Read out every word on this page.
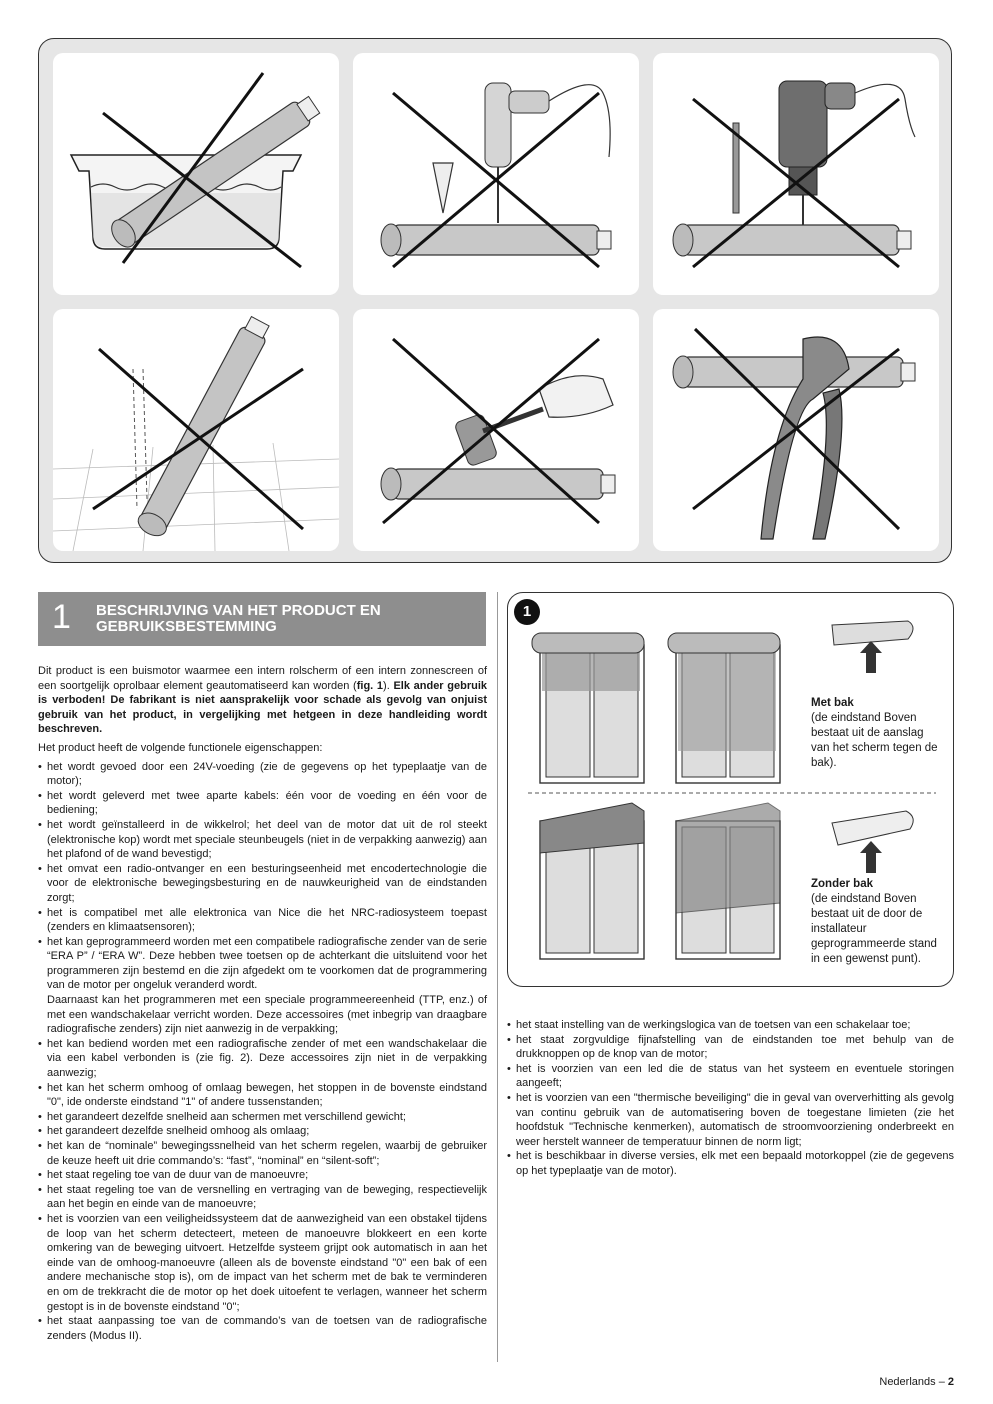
1 BESCHRIJVING VAN HET PRODUCT EN GEBRUIKSBESTEMMING

Dit product is een buismotor waarmee een intern rolscherm of een intern zonnescreen of een soortgelijk oprolbaar element geautomatiseerd kan worden (fig. 1). Elk ander gebruik is verboden! De fabrikant is niet aansprakelijk voor schade als gevolg van onjuist gebruik van het product, in vergelijking met hetgeen in deze handleiding wordt beschreven.

Het product heeft de volgende functionele eigenschappen:

• het wordt gevoed door een 24V-voeding (zie de gegevens op het typeplaatje van de motor);
• het wordt geleverd met twee aparte kabels: één voor de voeding en één voor de bediening;
• het wordt geïnstalleerd in de wikkelrol; het deel van de motor dat uit de rol steekt (elektronische kop) wordt met speciale steunbeugels (niet in de verpakking aanwezig) aan het plafond of de wand bevestigd;
• het omvat een radio-ontvanger en een besturingseenheid met encodertechnologie die voor de elektronische bewegingsbesturing en de nauwkeurigheid van de eindstanden zorgt;
• het is compatibel met alle elektronica van Nice die het NRC-radiosysteem toepast (zenders en klimaatsensoren);
• het kan geprogrammeerd worden met een compatibele radiografische zender van de serie “ERA P” / “ERA W”. Deze hebben twee toetsen op de achterkant die uitsluitend voor het programmeren zijn bestemd en die zijn afgedekt om te voorkomen dat de programmering van de motor per ongeluk veranderd wordt.
Daarnaast kan het programmeren met een speciale programmeereenheid (TTP, enz.) of met een wandschakelaar verricht worden. Deze accessoires (met inbegrip van draagbare radiografische zenders) zijn niet aanwezig in de verpakking;
• het kan bediend worden met een radiografische zender of met een wandschakelaar die via een kabel verbonden is (zie fig. 2). Deze accessoires zijn niet in de verpakking aanwezig;
• het kan het scherm omhoog of omlaag bewegen, het stoppen in de bovenste eindstand "0", ide onderste eindstand "1" of andere tussenstanden;
• het garandeert dezelfde snelheid aan schermen met verschillend gewicht;
• het garandeert dezelfde snelheid omhoog als omlaag;
• het kan de “nominale” bewegingssnelheid van het scherm regelen, waarbij de gebruiker de keuze heeft uit drie commando’s: “fast”, “nominal” en “silent-soft”;
• het staat regeling toe van de duur van de manoeuvre;
• het staat regeling toe van de versnelling en vertraging van de beweging, respectievelijk aan het begin en einde van de manoeuvre;
• het is voorzien van een veiligheidssysteem dat de aanwezigheid van een obstakel tijdens de loop van het scherm detecteert, meteen de manoeuvre blokkeert en een korte omkering van de beweging uitvoert. Hetzelfde systeem grijpt ook automatisch in aan het einde van de omhoog-manoeuvre (alleen als de bovenste eindstand "0" een bak of een andere mechanische stop is), om de impact van het scherm met de bak te verminderen en om de trekkracht die de motor op het doek uitoefent te verlagen, wanneer het scherm gestopt is in de bovenste eindstand "0";
• het staat aanpassing toe van de commando’s van de toetsen van de radiografische zenders (Modus II).
1
Met bak
(de eindstand Boven bestaat uit de aanslag van het scherm tegen de bak).
Zonder bak
(de eindstand Boven bestaat uit de door de installateur geprogrammeerde stand in een gewenst punt).
• het staat instelling van de werkingslogica van de toetsen van een schakelaar toe;
• het staat zorgvuldige fijnafstelling van de eindstanden toe met behulp van de drukknoppen op de knop van de motor;
• het is voorzien van een led die de status van het systeem en eventuele storingen aangeeft;
• het is voorzien van een "thermische beveiliging" die in geval van oververhitting als gevolg van continu gebruik van de automatisering boven de toegestane limieten (zie het hoofdstuk "Technische kenmerken), automatisch de stroomvoorziening onderbreekt en weer herstelt wanneer de temperatuur binnen de norm ligt;
• het is beschikbaar in diverse versies, elk met een bepaald motorkoppel (zie de gegevens op het typeplaatje van de motor).
Nederlands – 2
